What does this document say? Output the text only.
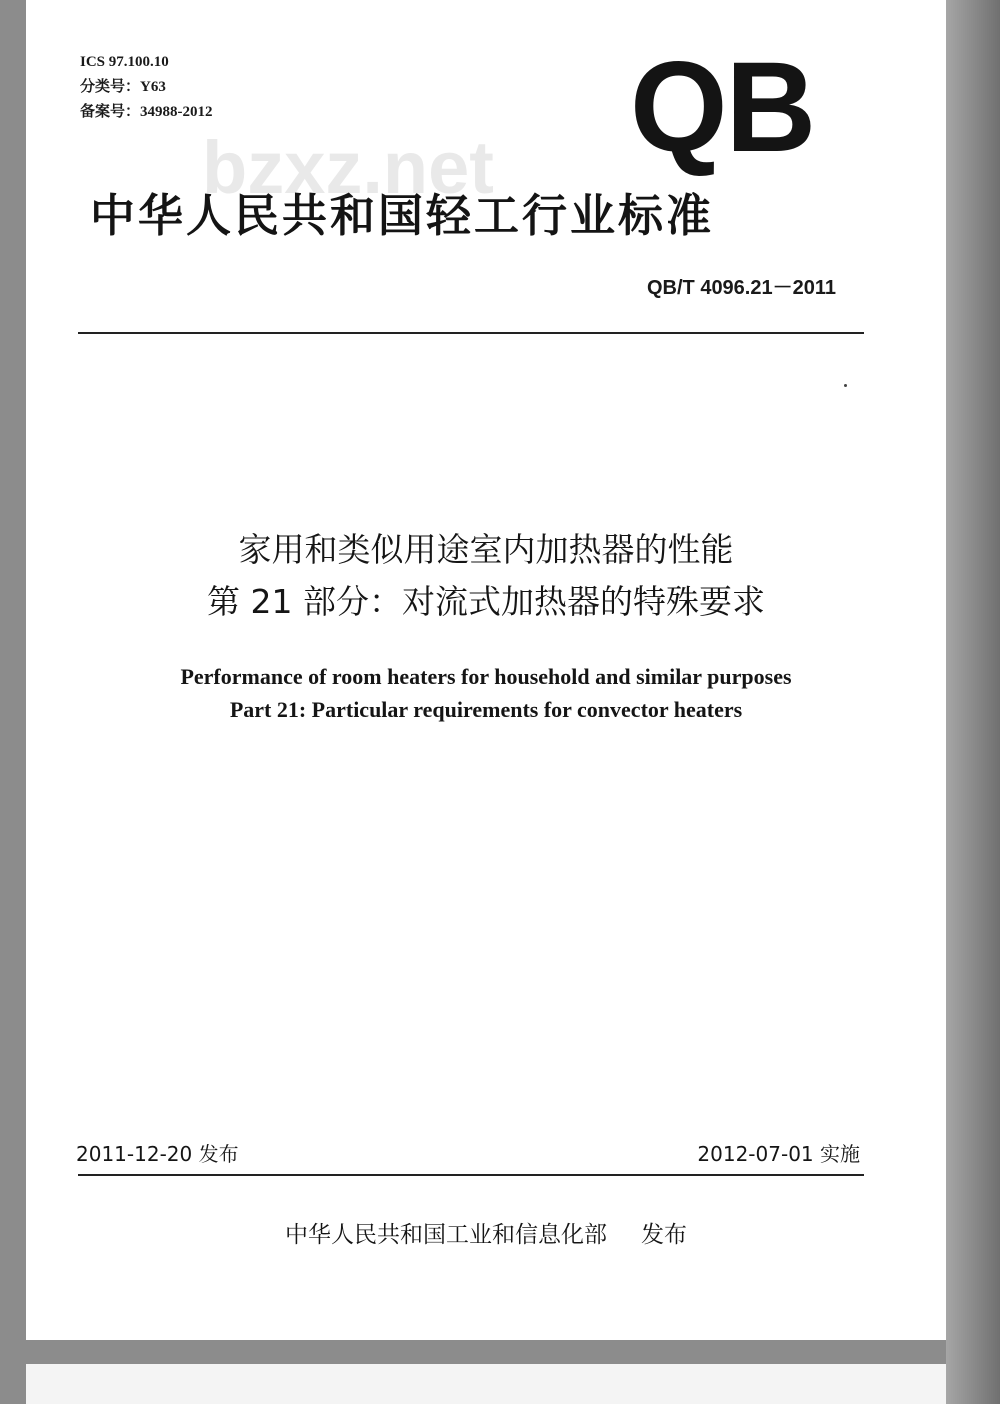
ICS 97.100.10
分类号：Y63
备案号：34988-2012
bzxz.net QB
中华人民共和国轻工行业标准
QB/T 4096.21－2011
家用和类似用途室内加热器的性能
第 21 部分：对流式加热器的特殊要求
Performance of room heaters for household and similar purposes
Part 21: Particular requirements for convector heaters
2011-12-20 发布	2012-07-01 实施
中华人民共和国工业和信息化部 发布
